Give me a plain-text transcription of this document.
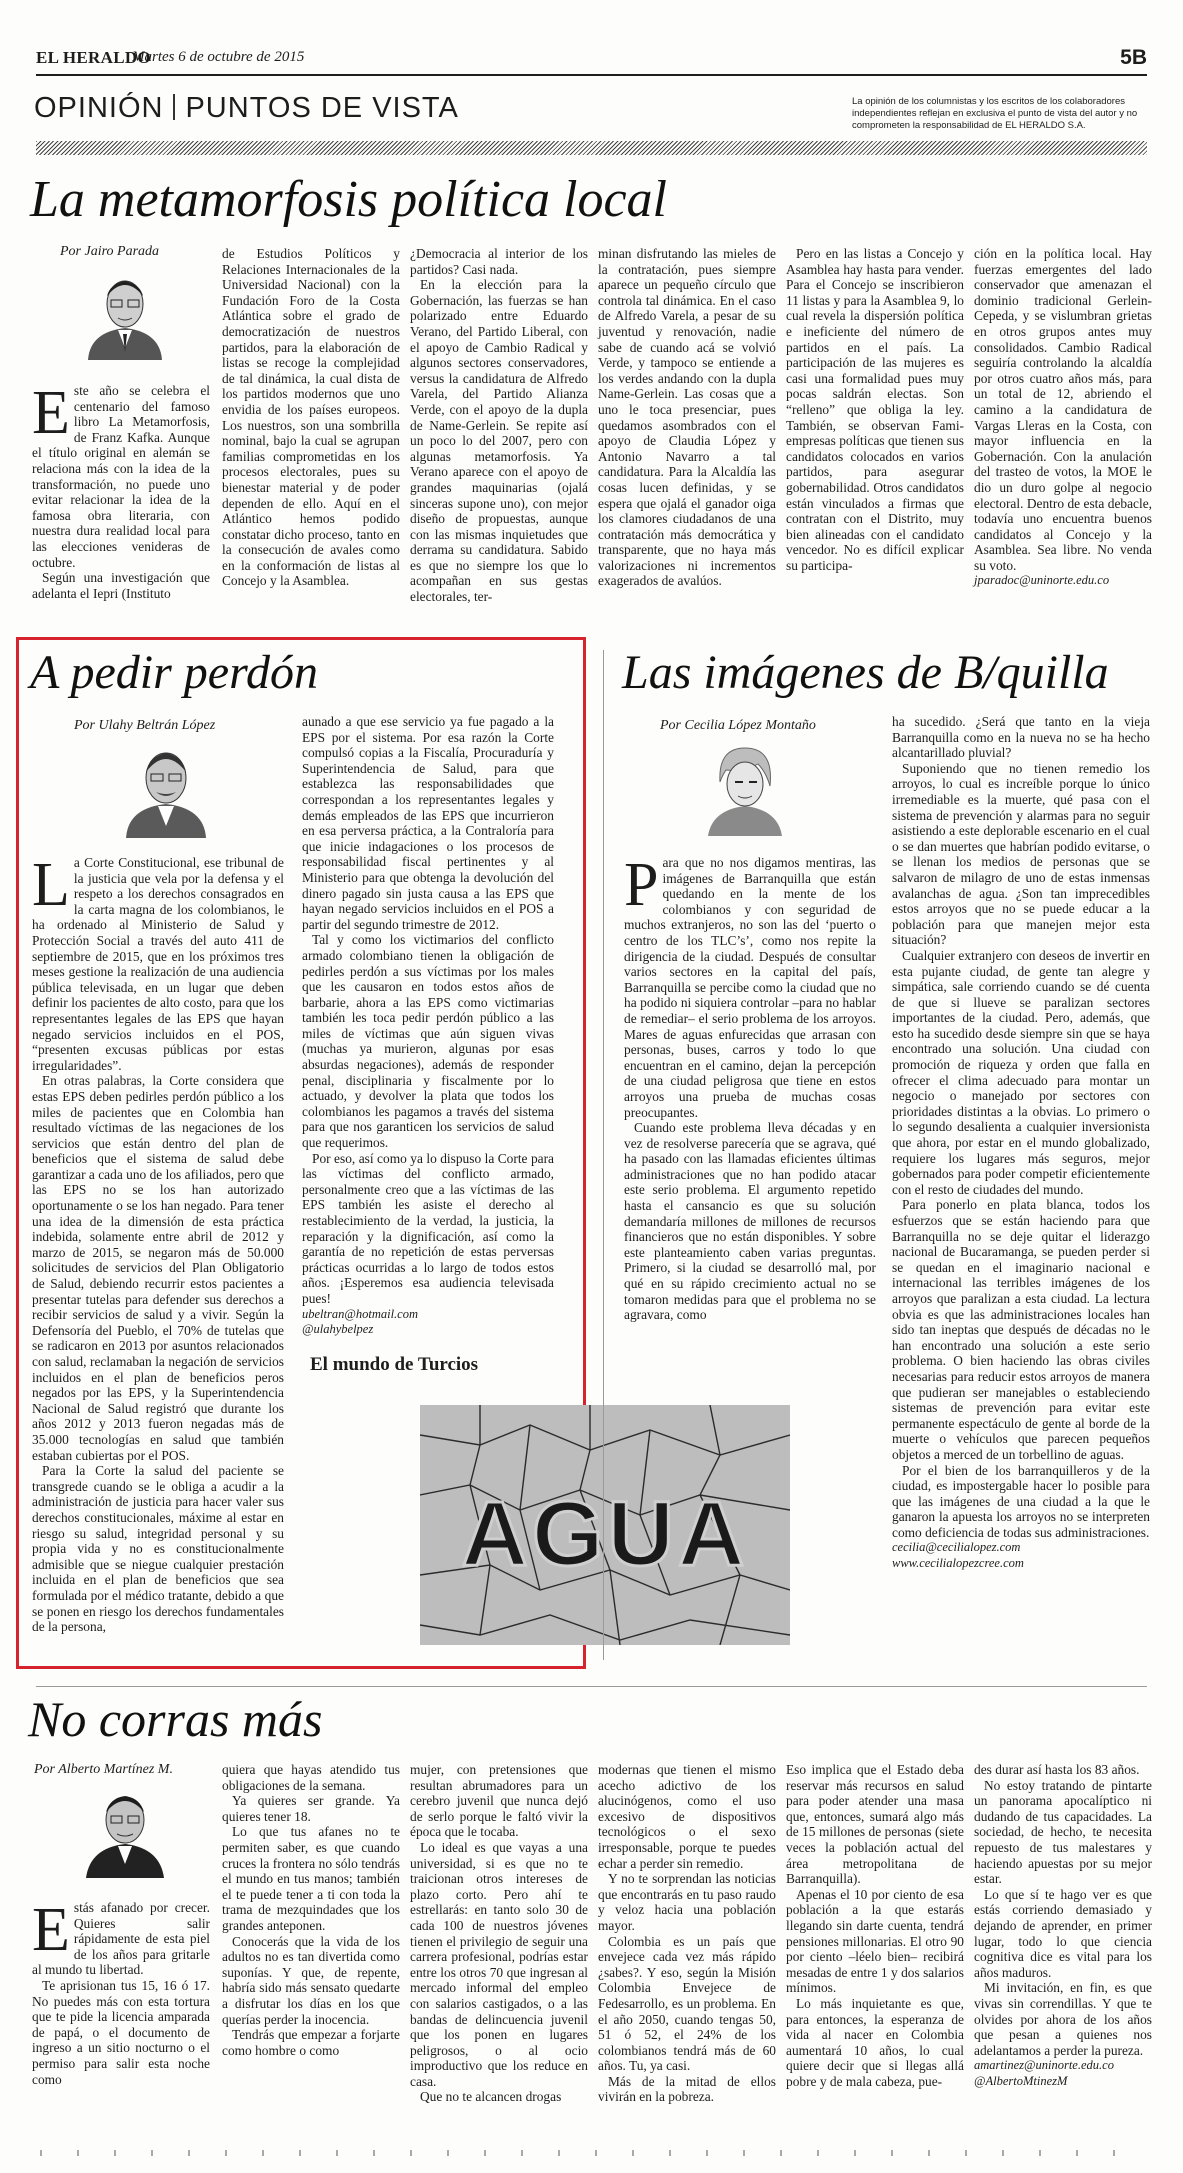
EL HERALDO
Martes 6 de octubre de 2015	5B
OPINIÓN PUNTOS DE VISTA	La opinión de los columnistas y los escritos de los colaboradores independientes reflejan en exclusiva el punto de vista del autor y no comprometen la responsabilidad de EL HERALDO S.A.
La metamorfosis política local
Por Jairo Parada

Este año se celebra el centenario del famoso libro La Metamorfosis, de Franz Kafka. Aunque el título original en alemán se relaciona más con la idea de la transformación, no puede uno evitar relacionar la idea de la famosa obra literaria, con nuestra dura realidad local para las elecciones venideras de octubre.

Según una investigación que adelanta el Iepri (Instituto

de Estudios Políticos y Relaciones Internacionales de la Universidad Nacional) con la Fundación Foro de la Costa Atlántica sobre el grado de democratización de nuestros partidos, para la elaboración de listas se recoge la complejidad de tal dinámica, la cual dista de los partidos modernos que uno envidia de los países europeos. Los nuestros, son una sombrilla nominal, bajo la cual se agrupan familias comprometidas en los procesos electorales, pues su bienestar material y de poder dependen de ello. Aquí en el Atlántico hemos podido constatar dicho proceso, tanto en la consecución de avales como en la conformación de listas al Concejo y la Asamblea.

¿Democracia al interior de los partidos? Casi nada.

En la elección para la Gobernación, las fuerzas se han polarizado entre Eduardo Verano, del Partido Liberal, con el apoyo de Cambio Radical y algunos sectores conservadores, versus la candidatura de Alfredo Varela, del Partido Alianza Verde, con el apoyo de la dupla de Name-Gerlein. Se repite así un poco lo del 2007, pero con algunas metamorfosis. Ya Verano aparece con el apoyo de grandes maquinarias (ojalá sinceras supone uno), con mejor diseño de propuestas, aunque con las mismas inquietudes que derrama su candidatura. Sabido es que no siempre los que lo acompañan en sus gestas electorales, ter-

minan disfrutando las mieles de la contratación, pues siempre aparece un pequeño círculo que controla tal dinámica. En el caso de Alfredo Varela, a pesar de su juventud y renovación, nadie sabe de cuando acá se volvió Verde, y tampoco se entiende a los verdes andando con la dupla Name-Gerlein. Las cosas que a uno le toca presenciar, pues quedamos asombrados con el apoyo de Claudia López y Antonio Navarro a tal candidatura. Para la Alcaldía las cosas lucen definidas, y se espera que ojalá el ganador oiga los clamores ciudadanos de una contratación más democrática y transparente, que no haya más valorizaciones ni incrementos exagerados de avalúos.

Pero en las listas a Concejo y Asamblea hay hasta para vender. Para el Concejo se inscribieron 11 listas y para la Asamblea 9, lo cual revela la dispersión política e ineficiente del número de partidos en el país. La participación de las mujeres es casi una formalidad pues muy pocas saldrán electas. Son “relleno” que obliga la ley. También, se observan Fami-empresas políticas que tienen sus candidatos colocados en varios partidos, para asegurar gobernabilidad. Otros candidatos están vinculados a firmas que contratan con el Distrito, muy bien alineadas con el candidato vencedor. No es difícil explicar su participa-

ción en la política local. Hay fuerzas emergentes del lado conservador que amenazan el dominio tradicional Gerlein-Cepeda, y se vislumbran grietas en otros grupos antes muy consolidados. Cambio Radical seguiría controlando la alcaldía por otros cuatro años más, para un total de 12, abriendo el camino a la candidatura de Vargas Lleras en la Costa, con mayor influencia en la Gobernación. Con la anulación del trasteo de votos, la MOE le dio un duro golpe al negocio electoral. Dentro de esta debacle, todavía uno encuentra buenos candidatos al Concejo y la Asamblea. Sea libre. No venda su voto.

jparadoc@uninorte.edu.co
A pedir perdón
Por Ulahy Beltrán López

La Corte Constitucional, ese tribunal de la justicia que vela por la defensa y el respeto a los derechos consagrados en la carta magna de los colombianos, le ha ordenado al Ministerio de Salud y Protección Social a través del auto 411 de septiembre de 2015, que en los próximos tres meses gestione la realización de una audiencia pública televisada, en un lugar que deben definir los pacientes de alto costo, para que los representantes legales de las EPS que hayan negado servicios incluidos en el POS, “presenten excusas públicas por estas irregularidades”.

En otras palabras, la Corte considera que estas EPS deben pedirles perdón público a los miles de pacientes que en Colombia han resultado víctimas de las negaciones de los servicios que están dentro del plan de beneficios que el sistema de salud debe garantizar a cada uno de los afiliados, pero que las EPS no se los han autorizado oportunamente o se los han negado. Para tener una idea de la dimensión de esta práctica indebida, solamente entre abril de 2012 y marzo de 2015, se negaron más de 50.000 solicitudes de servicios del Plan Obligatorio de Salud, debiendo recurrir estos pacientes a presentar tutelas para defender sus derechos a recibir servicios de salud y a vivir. Según la Defensoría del Pueblo, el 70% de tutelas que se radicaron en 2013 por asuntos relacionados con salud, reclamaban la negación de servicios incluidos en el plan de beneficios peros negados por las EPS, y la Superintendencia Nacional de Salud registró que durante los años 2012 y 2013 fueron negadas más de 35.000 tecnologías en salud que también estaban cubiertas por el POS.

Para la Corte la salud del paciente se transgrede cuando se le obliga a acudir a la administración de justicia para hacer valer sus derechos constitucionales, máxime al estar en riesgo su salud, integridad personal y su propia vida y no es constitucionalmente admisible que se niegue cualquier prestación incluida en el plan de beneficios que sea formulada por el médico tratante, debido a que se ponen en riesgo los derechos fundamentales de la persona,

aunado a que ese servicio ya fue pagado a la EPS por el sistema. Por esa razón la Corte compulsó copias a la Fiscalía, Procuraduría y Superintendencia de Salud, para que establezca las responsabilidades que correspondan a los representantes legales y demás empleados de las EPS que incurrieron en esa perversa práctica, a la Contraloría para que inicie indagaciones o los procesos de responsabilidad fiscal pertinentes y al Ministerio para que obtenga la devolución del dinero pagado sin justa causa a las EPS que hayan negado servicios incluidos en el POS a partir del segundo trimestre de 2012.

Tal y como los victimarios del conflicto armado colombiano tienen la obligación de pedirles perdón a sus víctimas por los males que les causaron en todos estos años de barbarie, ahora a las EPS como victimarias también les toca pedir perdón público a las miles de víctimas que aún siguen vivas (muchas ya murieron, algunas por esas absurdas negaciones), además de responder penal, disciplinaria y fiscalmente por lo actuado, y devolver la plata que todos los colombianos les pagamos a través del sistema para que nos garanticen los servicios de salud que requerimos.

Por eso, así como ya lo dispuso la Corte para las víctimas del conflicto armado, personalmente creo que a las víctimas de las EPS también les asiste el derecho al restablecimiento de la verdad, la justicia, la reparación y la dignificación, así como la garantía de no repetición de estas perversas prácticas ocurridas a lo largo de todos estos años. ¡Esperemos esa audiencia televisada pues!

ubeltran@hotmail.com
@ulahybelpez
Las imágenes de B/quilla
Por Cecilia López Montaño

Para que no nos digamos mentiras, las imágenes de Barranquilla que están quedando en la mente de los colombianos y con seguridad de muchos extranjeros, no son las del ‘puerto o centro de los TLC’s’, como nos repite la dirigencia de la ciudad. Después de consultar varios sectores en la capital del país, Barranquilla se percibe como la ciudad que no ha podido ni siquiera controlar –para no hablar de remediar– el serio problema de los arroyos. Mares de aguas enfurecidas que arrasan con personas, buses, carros y todo lo que encuentran en el camino, dejan la percepción de una ciudad peligrosa que tiene en estos arroyos una prueba de muchas cosas preocupantes.

Cuando este problema lleva décadas y en vez de resolverse parecería que se agrava, qué ha pasado con las llamadas eficientes últimas administraciones que no han podido atacar este serio problema. El argumento repetido hasta el cansancio es que su solución demandaría millones de millones de recursos financieros que no están disponibles. Y sobre este planteamiento caben varias preguntas. Primero, si la ciudad se desarrolló mal, por qué en su rápido crecimiento actual no se tomaron medidas para que el problema no se agravara, como

ha sucedido. ¿Será que tanto en la vieja Barranquilla como en la nueva no se ha hecho alcantarillado pluvial?

Suponiendo que no tienen remedio los arroyos, lo cual es increíble porque lo único irremediable es la muerte, qué pasa con el sistema de prevención y alarmas para no seguir asistiendo a este deplorable escenario en el cual o se dan muertes que habrían podido evitarse, o se llenan los medios de personas que se salvaron de milagro de uno de estas inmensas avalanchas de agua. ¿Son tan imprecedibles estos arroyos que no se puede educar a la población para que manejen mejor esta situación?

Cualquier extranjero con deseos de invertir en esta pujante ciudad, de gente tan alegre y simpática, sale corriendo cuando se dé cuenta de que si llueve se paralizan sectores importantes de la ciudad. Pero, además, que esto ha sucedido desde siempre sin que se haya encontrado una solución. Una ciudad con promoción de riqueza y orden que falla en ofrecer el clima adecuado para montar un negocio o manejado por sectores con prioridades distintas a la obvias. Lo primero o lo segundo desalienta a cualquier inversionista que ahora, por estar en el mundo globalizado, requiere los lugares más seguros, mejor gobernados para poder competir eficientemente con el resto de ciudades del mundo.

Para ponerlo en plata blanca, todos los esfuerzos que se están haciendo para que Barranquilla no se deje quitar el liderazgo nacional de Bucaramanga, se pueden perder si se quedan en el imaginario nacional e internacional las terribles imágenes de los arroyos que paralizan a esta ciudad. La lectura obvia es que las administraciones locales han sido tan ineptas que después de décadas no le han encontrado una solución a este serio problema. O bien haciendo las obras civiles necesarias para reducir estos arroyos de manera que pudieran ser manejables o estableciendo sistemas de prevención para evitar este permanente espectáculo de gente al borde de la muerte o vehículos que parecen pequeños objetos a merced de un torbellino de aguas.

Por el bien de los barranquilleros y de la ciudad, es impostergable hacer lo posible para que las imágenes de una ciudad a la que le ganaron la apuesta los arroyos no se interpreten como deficiencia de todas sus administraciones.

cecilia@cecilialopez.com
www.cecilialopezcree.com
El mundo de Turcios
AGUA
No corras más
Por Alberto Martínez M.

Estás afanado por crecer. Quieres salir rápidamente de esta piel de los años para gritarle al mundo tu libertad.

Te aprisionan tus 15, 16 ó 17. No puedes más con esta tortura que te pide la licencia amparada de papá, o el documento de ingreso a un sitio nocturno o el permiso para salir esta noche como

quiera que hayas atendido tus obligaciones de la semana.

Ya quieres ser grande. Ya quieres tener 18.

Lo que tus afanes no te permiten saber, es que cuando cruces la frontera no sólo tendrás el mundo en tus manos; también el te puede tener a ti con toda la trama de mezquindades que los grandes anteponen.

Conocerás que la vida de los adultos no es tan divertida como suponías. Y que, de repente, habría sido más sensato quedarte a disfrutar los días en los que querías perder la inocencia.

Tendrás que empezar a forjarte como hombre o como

mujer, con pretensiones que resultan abrumadores para un cerebro juvenil que nunca dejó de serlo porque le faltó vivir la época que le tocaba.

Lo ideal es que vayas a una universidad, si es que no te traicionan otros intereses de plazo corto. Pero ahí te estrellarás: en tanto solo 30 de cada 100 de nuestros jóvenes tienen el privilegio de seguir una carrera profesional, podrías estar entre los otros 70 que ingresan al mercado informal del empleo con salarios castigados, o a las bandas de delincuencia juvenil que los ponen en lugares peligrosos, o al ocio improductivo que los reduce en casa.

Que no te alcancen drogas

modernas que tienen el mismo acecho adictivo de los alucinógenos, como el uso excesivo de dispositivos tecnológicos o el sexo irresponsable, porque te puedes echar a perder sin remedio.

Y no te sorprendan las noticias que encontrarás en tu paso raudo y veloz hacia una población mayor.

Colombia es un país que envejece cada vez más rápido ¿sabes?. Y eso, según la Misión Colombia Envejece de Fedesarrollo, es un problema. En el año 2050, cuando tengas 50, 51 ó 52, el 24% de los colombianos tendrá más de 60 años. Tu, ya casi.

Más de la mitad de ellos vivirán en la pobreza.

Eso implica que el Estado deba reservar más recursos en salud para poder atender una masa que, entonces, sumará algo más de 15 millones de personas (siete veces la población actual del área metropolitana de Barranquilla).

Apenas el 10 por ciento de esa población a la que estarás llegando sin darte cuenta, tendrá pensiones millonarias. El otro 90 por ciento –léelo bien– recibirá mesadas de entre 1 y dos salarios mínimos.

Lo más inquietante es que, para entonces, la esperanza de vida al nacer en Colombia aumentará 10 años, lo cual quiere decir que si llegas allá pobre y de mala cabeza, pue-

des durar así hasta los 83 años.

No estoy tratando de pintarte un panorama apocalíptico ni dudando de tus capacidades. La sociedad, de hecho, te necesita repuesto de tus malestares y haciendo apuestas por su mejor estar.

Lo que sí te hago ver es que estás corriendo demasiado y dejando de aprender, en primer lugar, todo lo que ciencia cognitiva dice es vital para los años maduros.

Mi invitación, en fin, es que vivas sin correndillas. Y que te olvides por ahora de los años que pesan a quienes nos adelantamos a perder la pureza.

amartinez@uninorte.edu.co
@AlbertoMtinezM
